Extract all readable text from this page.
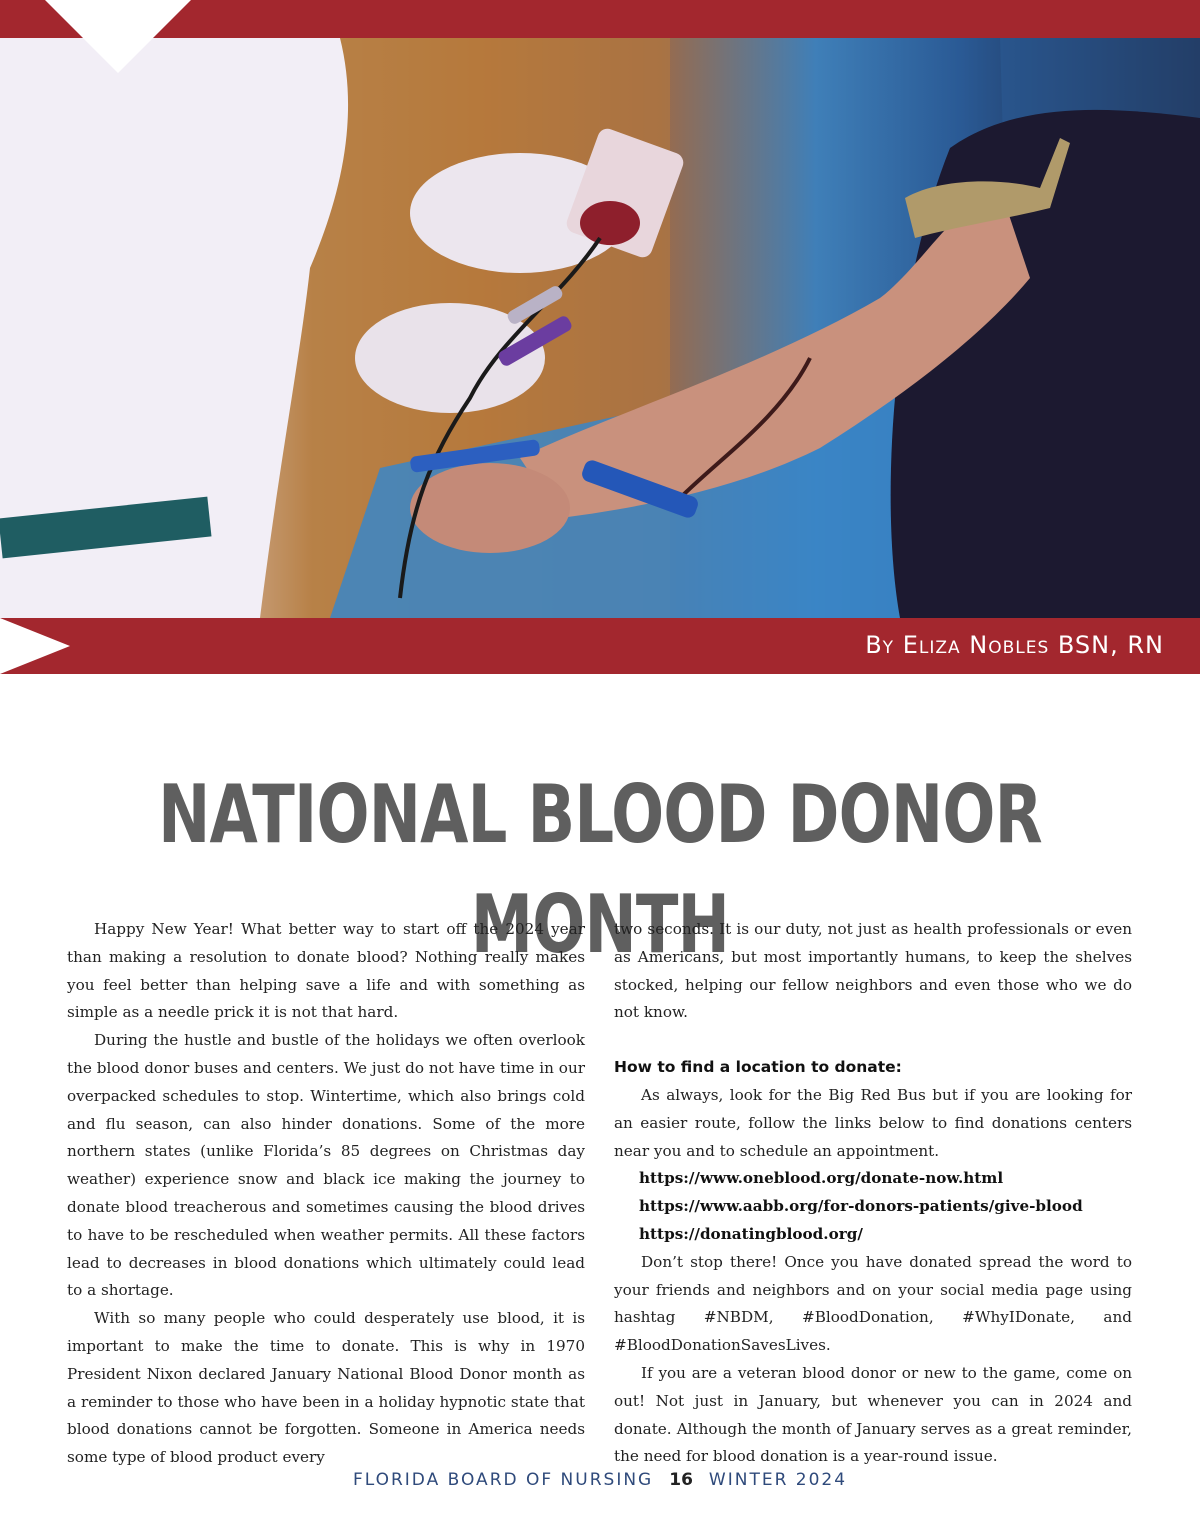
By Eliza Nobles BSN, RN
NATIONAL BLOOD DONOR MONTH

Happy New Year! What better way to start off the 2024 year than making a resolution to donate blood? Nothing really makes you feel better than helping save a life and with something as simple as a needle prick it is not that hard.

During the hustle and bustle of the holidays we often overlook the blood donor buses and centers. We just do not have time in our overpacked schedules to stop. Wintertime, which also brings cold and flu season, can also hinder donations. Some of the more northern states (unlike Florida’s 85 degrees on Christmas day weather) experience snow and black ice making the journey to donate blood treacherous and sometimes causing the blood drives to have to be rescheduled when weather permits. All these factors lead to decreases in blood donations which ultimately could lead to a shortage.

With so many people who could desperately use blood, it is important to make the time to donate. This is why in 1970 President Nixon declared January National Blood Donor month as a reminder to those who have been in a holiday hypnotic state that blood donations cannot be forgotten. Someone in America needs some type of blood product every

two seconds. It is our duty, not just as health professionals or even as Americans, but most importantly humans, to keep the shelves stocked, helping our fellow neighbors and even those who we do not know.

How to find a location to donate:

As always, look for the Big Red Bus but if you are looking for an easier route, follow the links below to find donations centers near you and to schedule an appointment.

https://www.oneblood.org/donate-now.html
https://www.aabb.org/for-donors-patients/give-blood
https://donatingblood.org/

Don’t stop there! Once you have donated spread the word to your friends and neighbors and on your social media page using hashtag #NBDM, #BloodDonation, #WhyIDonate, and #BloodDonationSavesLives.

If you are a veteran blood donor or new to the game, come on out! Not just in January, but whenever you can in 2024 and donate. Although the month of January serves as a great reminder, the need for blood donation is a year-round issue.

FLORIDA BOARD OF NURSING 16 WINTER 2024
